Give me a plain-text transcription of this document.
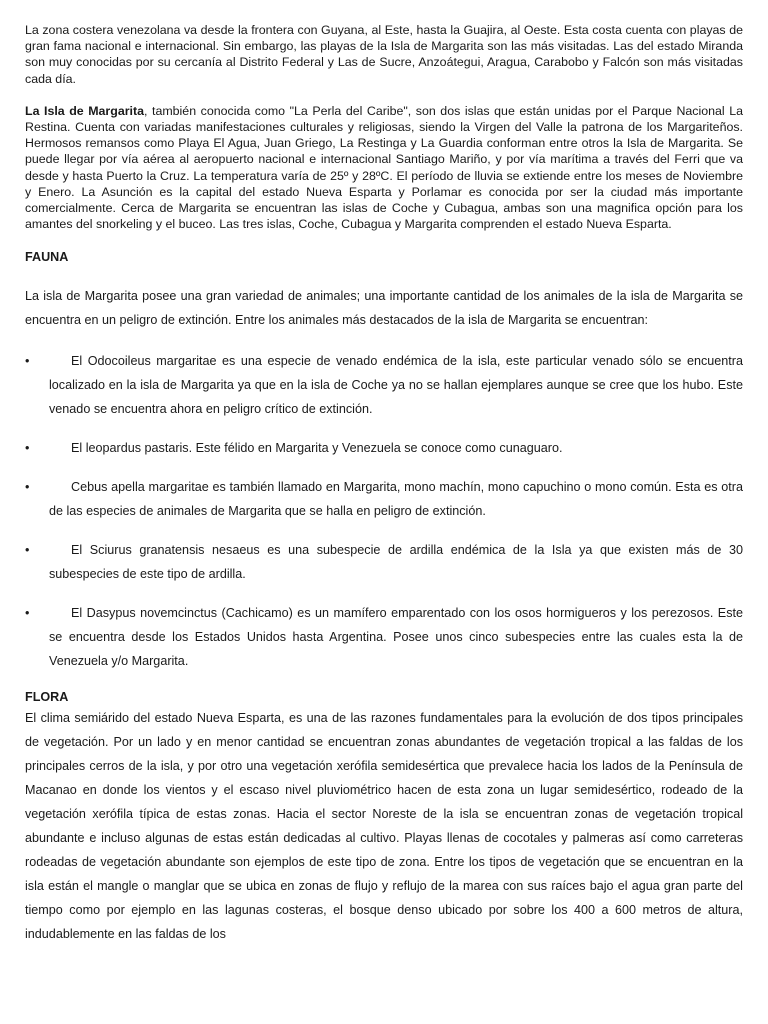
La zona costera venezolana va desde la frontera con Guyana, al Este, hasta la Guajira, al Oeste. Esta costa cuenta con playas de gran fama nacional e internacional. Sin embargo, las playas de la Isla de Margarita son las más visitadas. Las del estado Miranda son muy conocidas por su cercanía al Distrito Federal y Las de Sucre, Anzoátegui, Aragua, Carabobo y Falcón son más visitadas cada día.

La Isla de Margarita, también conocida como "La Perla del Caribe", son dos islas que están unidas por el Parque Nacional La Restina. Cuenta con variadas manifestaciones culturales y religiosas, siendo la Virgen del Valle la patrona de los Margariteños. Hermosos remansos como Playa El Agua, Juan Griego, La Restinga y La Guardia conforman entre otros la Isla de Margarita. Se puede llegar por vía aérea al aeropuerto nacional e internacional Santiago Mariño, y por vía marítima a través del Ferri que va desde y hasta Puerto la Cruz. La temperatura varía de 25º y 28ºC. El período de lluvia se extiende entre los meses de Noviembre y Enero. La Asunción es la capital del estado Nueva Esparta y Porlamar es conocida por ser la ciudad más importante comercialmente. Cerca de Margarita se encuentran las islas de Coche y Cubagua, ambas son una magnifica opción para los amantes del snorkeling y el buceo. Las tres islas, Coche, Cubagua y Margarita comprenden el estado Nueva Esparta.

FAUNA

La isla de Margarita posee una gran variedad de animales; una importante cantidad de los animales de la isla de Margarita se encuentra en un peligro de extinción. Entre los animales más destacados de la isla de Margarita se encuentran:

•	El Odocoileus margaritae es una especie de venado endémica de la isla, este particular venado sólo se encuentra localizado en la isla de Margarita ya que en la isla de Coche ya no se hallan ejemplares aunque se cree que los hubo. Este venado se encuentra ahora en peligro crítico de extinción.
•	El leopardus pastaris. Este félido en Margarita y Venezuela se conoce como cunaguaro.
•	Cebus apella margaritae es también llamado en Margarita, mono machín, mono capuchino o mono común. Esta es otra de las especies de animales de Margarita que se halla en peligro de extinción.
•	El Sciurus granatensis nesaeus es una subespecie de ardilla endémica de la Isla ya que existen más de 30 subespecies de este tipo de ardilla.
•	El Dasypus novemcinctus (Cachicamo) es un mamífero emparentado con los osos hormigueros y los perezosos. Este se encuentra desde los Estados Unidos hasta Argentina. Posee unos cinco subespecies entre las cuales esta la de Venezuela y/o Margarita.
FLORA

El clima semiárido del estado Nueva Esparta, es una de las razones fundamentales para la evolución de dos tipos principales de vegetación. Por un lado y en menor cantidad se encuentran zonas abundantes de vegetación tropical a las faldas de los principales cerros de la isla, y por otro una vegetación xerófila semidesértica que prevalece hacia los lados de la Península de Macanao en donde los vientos y el escaso nivel pluviométrico hacen de esta zona un lugar semidesértico, rodeado de la vegetación xerófila típica de estas zonas. Hacia el sector Noreste de la isla se encuentran zonas de vegetación tropical abundante e incluso algunas de estas están dedicadas al cultivo. Playas llenas de cocotales y palmeras así como carreteras rodeadas de vegetación abundante son ejemplos de este tipo de zona. Entre los tipos de vegetación que se encuentran en la isla están el mangle o manglar que se ubica en zonas de flujo y reflujo de la marea con sus raíces bajo el agua gran parte del tiempo como por ejemplo en las lagunas costeras, el bosque denso ubicado por sobre los 400 a 600 metros de altura, indudablemente en las faldas de los
